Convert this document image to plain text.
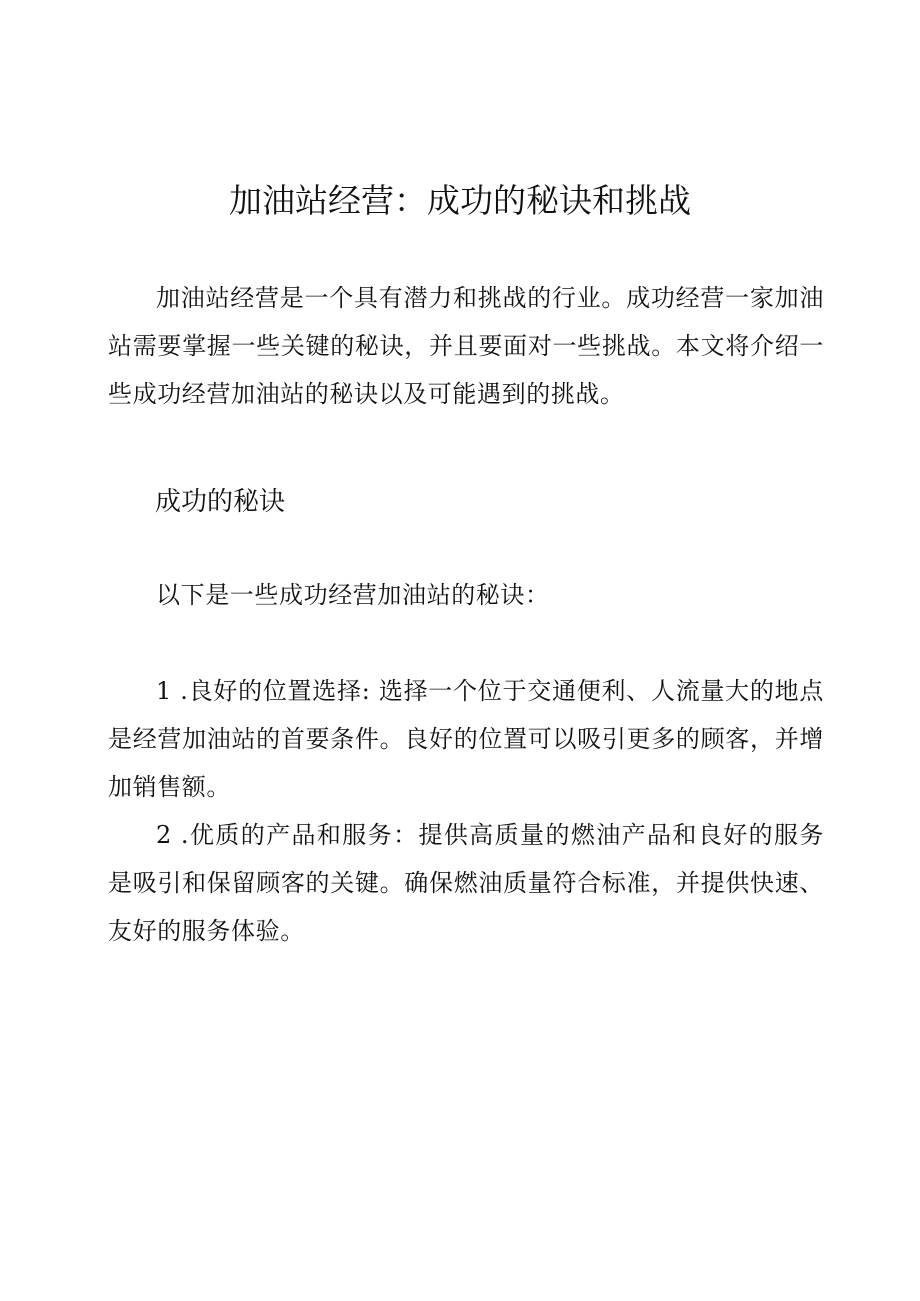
加油站经营：成功的秘诀和挑战

加油站经营是一个具有潜力和挑战的行业。成功经营一家加油站需要掌握一些关键的秘诀，并且要面对一些挑战。本文将介绍一些成功经营加油站的秘诀以及可能遇到的挑战。

成功的秘诀

以下是一些成功经营加油站的秘诀：

1 .良好的位置选择: 选择一个位于交通便利、人流量大的地点是经营加油站的首要条件。良好的位置可以吸引更多的顾客，并增加销售额。

2 .优质的产品和服务：提供高质量的燃油产品和良好的服务是吸引和保留顾客的关键。确保燃油质量符合标准，并提供快速、友好的服务体验。
